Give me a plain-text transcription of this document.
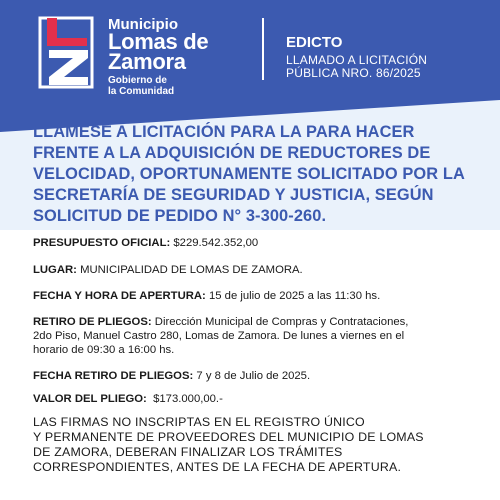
Municipio
Lomas de
Zamora
Gobierno de
la Comunidad
EDICTO
LLAMADO A LICITACIÓN
PÚBLICA NRO. 86/2025
LLÁMESE A LICITACIÓN PARA LA PARA HACER
FRENTE A LA ADQUISICIÓN DE REDUCTORES DE
VELOCIDAD, OPORTUNAMENTE SOLICITADO POR LA
SECRETARÍA DE SEGURIDAD Y JUSTICIA, SEGÚN
SOLICITUD DE PEDIDO N° 3-300-260.

PRESUPUESTO OFICIAL: $229.542.352,00

LUGAR: MUNICIPALIDAD DE LOMAS DE ZAMORA.

FECHA Y HORA DE APERTURA: 15 de julio de 2025 a las 11:30 hs.

RETIRO DE PLIEGOS: Dirección Municipal de Compras y Contrataciones,
2do Piso, Manuel Castro 280, Lomas de Zamora. De lunes a viernes en el
horario de 09:30 a 16:00 hs.

FECHA RETIRO DE PLIEGOS: 7 y 8 de Julio de 2025.

VALOR DEL PLIEGO:  $173.000,00.-

LAS FIRMAS NO INSCRIPTAS EN EL REGISTRO ÚNICO
Y PERMANENTE DE PROVEEDORES DEL MUNICIPIO DE LOMAS
DE ZAMORA, DEBERAN FINALIZAR LOS TRÁMITES
CORRESPONDIENTES, ANTES DE LA FECHA DE APERTURA.
